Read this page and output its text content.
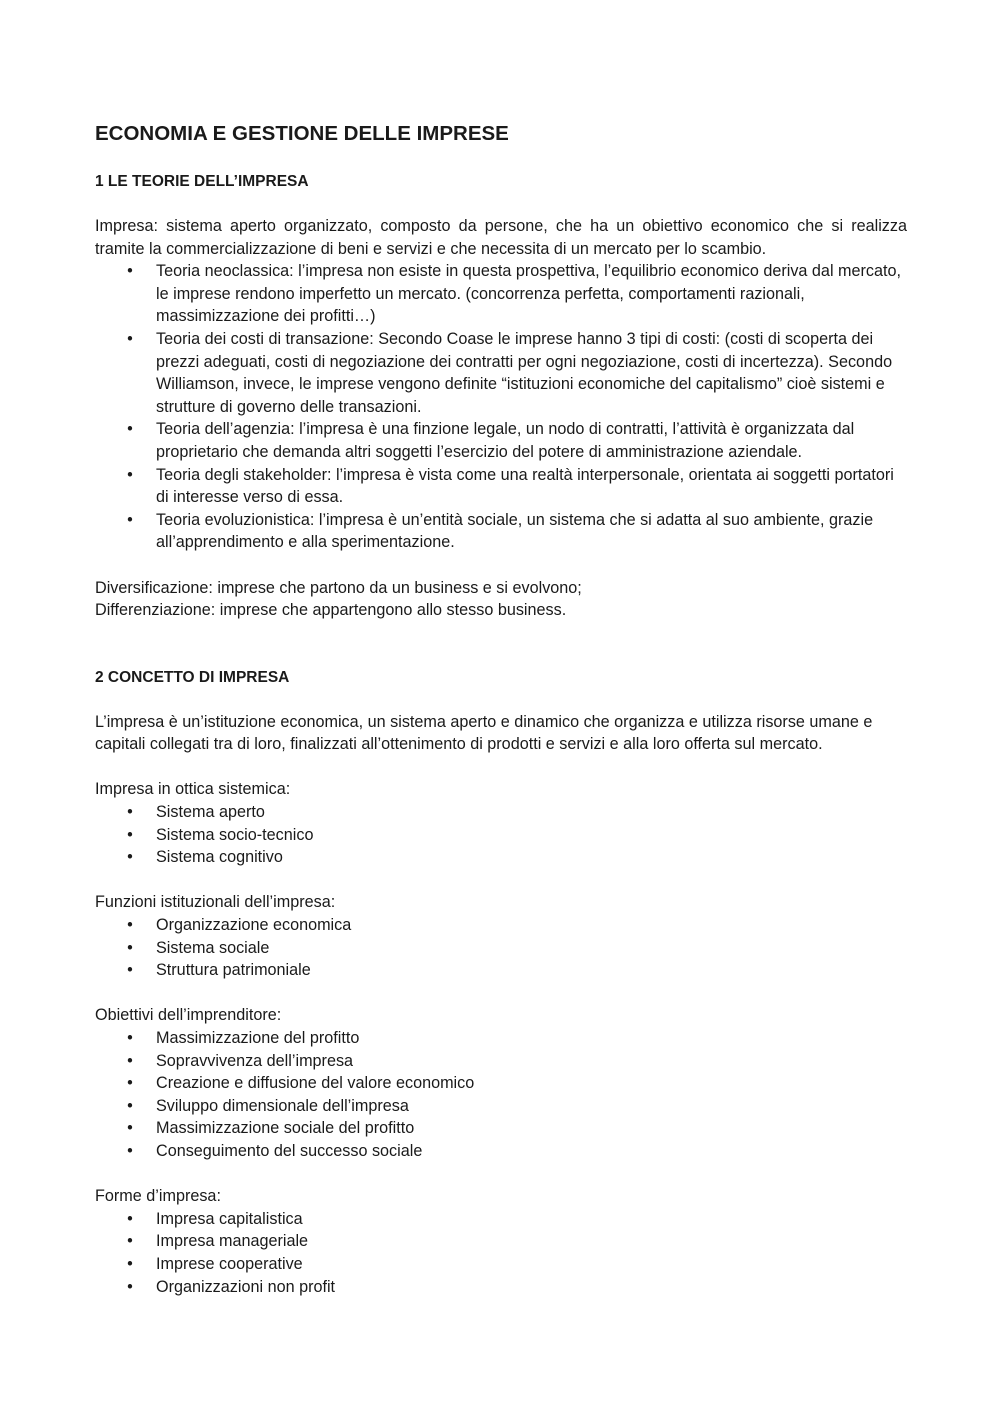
ECONOMIA E GESTIONE DELLE IMPRESE
1 LE TEORIE DELL’IMPRESA

Impresa: sistema aperto organizzato, composto da persone, che ha un obiettivo economico che si realizza tramite la commercializzazione di beni e servizi e che necessita di un mercato per lo scambio.

• Teoria neoclassica: l’impresa non esiste in questa prospettiva, l’equilibrio economico deriva dal mercato, le imprese rendono imperfetto un mercato. (concorrenza perfetta, comportamenti razionali, massimizzazione dei profitti…)
• Teoria dei costi di transazione: Secondo Coase le imprese hanno 3 tipi di costi: (costi di scoperta dei prezzi adeguati, costi di negoziazione dei contratti per ogni negoziazione, costi di incertezza). Secondo Williamson, invece, le imprese vengono definite “istituzioni economiche del capitalismo” cioè sistemi e strutture di governo delle transazioni.
• Teoria dell’agenzia: l’impresa è una finzione legale, un nodo di contratti, l’attività è organizzata dal proprietario che demanda altri soggetti l’esercizio del potere di amministrazione aziendale.
• Teoria degli stakeholder: l’impresa è vista come una realtà interpersonale, orientata ai soggetti portatori di interesse verso di essa.
• Teoria evoluzionistica: l’impresa è un’entità sociale, un sistema che si adatta al suo ambiente, grazie all’apprendimento e alla sperimentazione.

Diversificazione: imprese che partono da un business e si evolvono;

Differenziazione: imprese che appartengono allo stesso business.

2 CONCETTO DI IMPRESA

L’impresa è un’istituzione economica, un sistema aperto e dinamico che organizza e utilizza risorse umane e capitali collegati tra di loro, finalizzati all’ottenimento di prodotti e servizi e alla loro offerta sul mercato.

Impresa in ottica sistemica:

• Sistema aperto
• Sistema socio-tecnico
• Sistema cognitivo

Funzioni istituzionali dell’impresa:

• Organizzazione economica
• Sistema sociale
• Struttura patrimoniale

Obiettivi dell’imprenditore:

• Massimizzazione del profitto
• Sopravvivenza dell’impresa
• Creazione e diffusione del valore economico
• Sviluppo dimensionale dell’impresa
• Massimizzazione sociale del profitto
• Conseguimento del successo sociale

Forme d’impresa:

• Impresa capitalistica
• Impresa manageriale
• Imprese cooperative
• Organizzazioni non profit
